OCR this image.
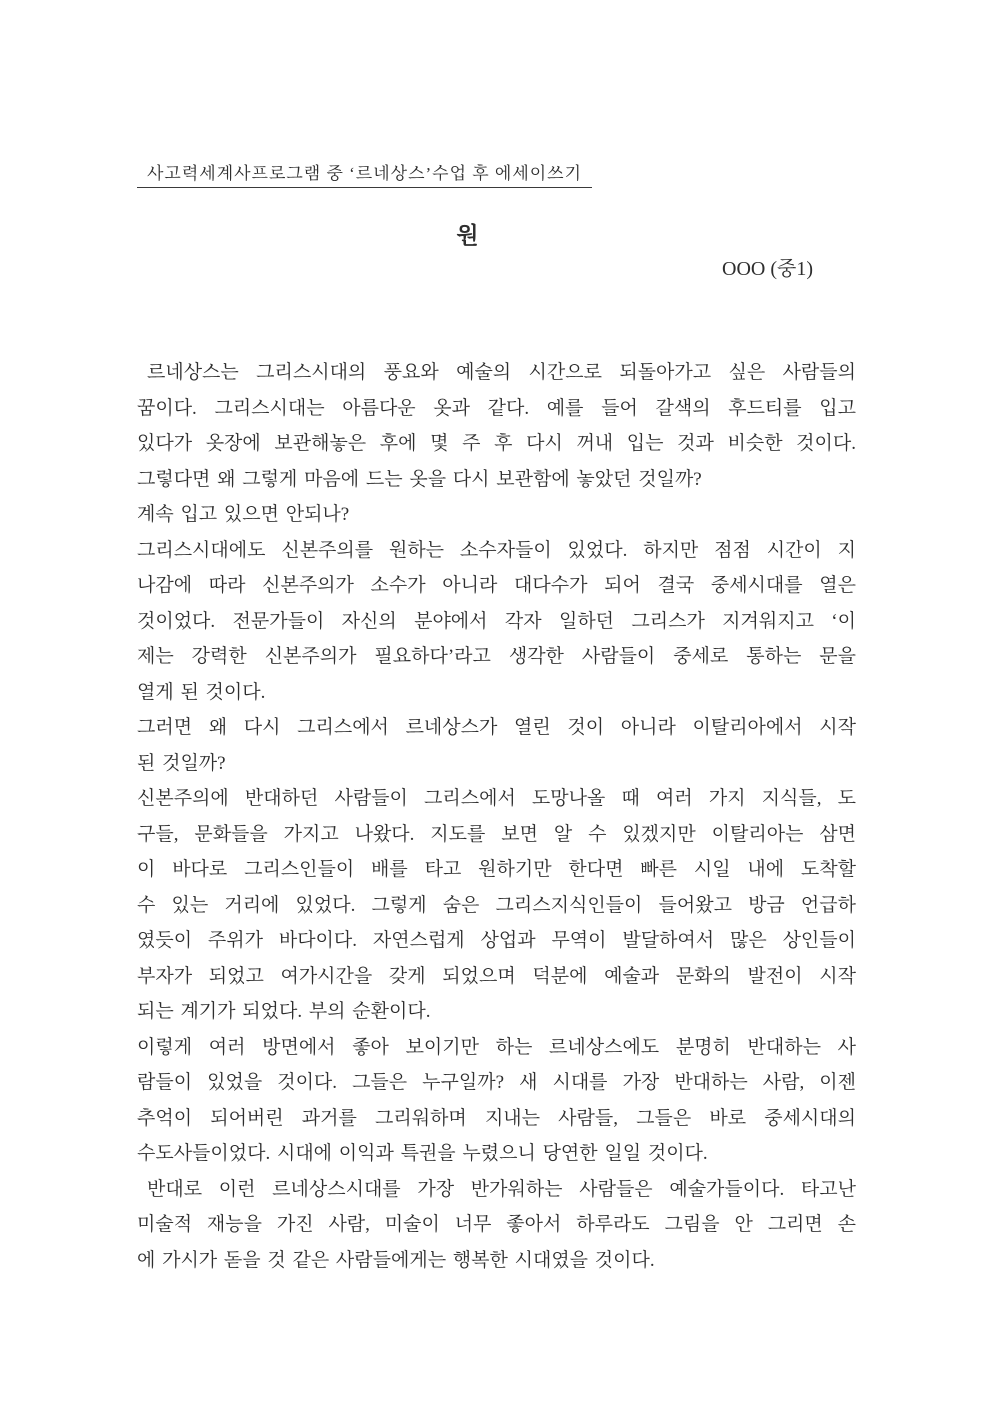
사고력세계사프로그램 중 ‘르네상스’수업 후 에세이쓰기
원
OOO (중1)
르네상스는 그리스시대의 풍요와 예술의 시간으로 되돌아가고 싶은 사람들의
꿈이다. 그리스시대는 아름다운 옷과 같다. 예를 들어 갈색의 후드티를 입고
있다가 옷장에 보관해놓은 후에 몇 주 후 다시 꺼내 입는 것과 비슷한 것이다.
그렇다면 왜 그렇게 마음에 드는 옷을 다시 보관함에 놓았던 것일까?
계속 입고 있으면 안되나?
그리스시대에도 신본주의를 원하는 소수자들이 있었다. 하지만 점점 시간이 지
나감에 따라 신본주의가 소수가 아니라 대다수가 되어 결국 중세시대를 열은
것이었다. 전문가들이 자신의 분야에서 각자 일하던 그리스가 지겨워지고 ‘이
제는 강력한 신본주의가 필요하다’라고 생각한 사람들이 중세로 통하는 문을
열게 된 것이다.
그러면 왜 다시 그리스에서 르네상스가 열린 것이 아니라 이탈리아에서 시작
된 것일까?
신본주의에 반대하던 사람들이 그리스에서 도망나올 때 여러 가지 지식들, 도
구들, 문화들을 가지고 나왔다. 지도를 보면 알 수 있겠지만 이탈리아는 삼면
이 바다로 그리스인들이 배를 타고 원하기만 한다면 빠른 시일 내에 도착할
수 있는 거리에 있었다. 그렇게 숨은 그리스지식인들이 들어왔고 방금 언급하
였듯이 주위가 바다이다. 자연스럽게 상업과 무역이 발달하여서 많은 상인들이
부자가 되었고 여가시간을 갖게 되었으며 덕분에 예술과 문화의 발전이 시작
되는 계기가 되었다. 부의 순환이다.
이렇게 여러 방면에서 좋아 보이기만 하는 르네상스에도 분명히 반대하는 사
람들이 있었을 것이다. 그들은 누구일까? 새 시대를 가장 반대하는 사람, 이젠
추억이 되어버린 과거를 그리워하며 지내는 사람들, 그들은 바로 중세시대의
수도사들이었다. 시대에 이익과 특권을 누렸으니 당연한 일일 것이다.
반대로 이런 르네상스시대를 가장 반가워하는 사람들은 예술가들이다. 타고난
미술적 재능을 가진 사람, 미술이 너무 좋아서 하루라도 그림을 안 그리면 손
에 가시가 돋을 것 같은 사람들에게는 행복한 시대였을 것이다.
